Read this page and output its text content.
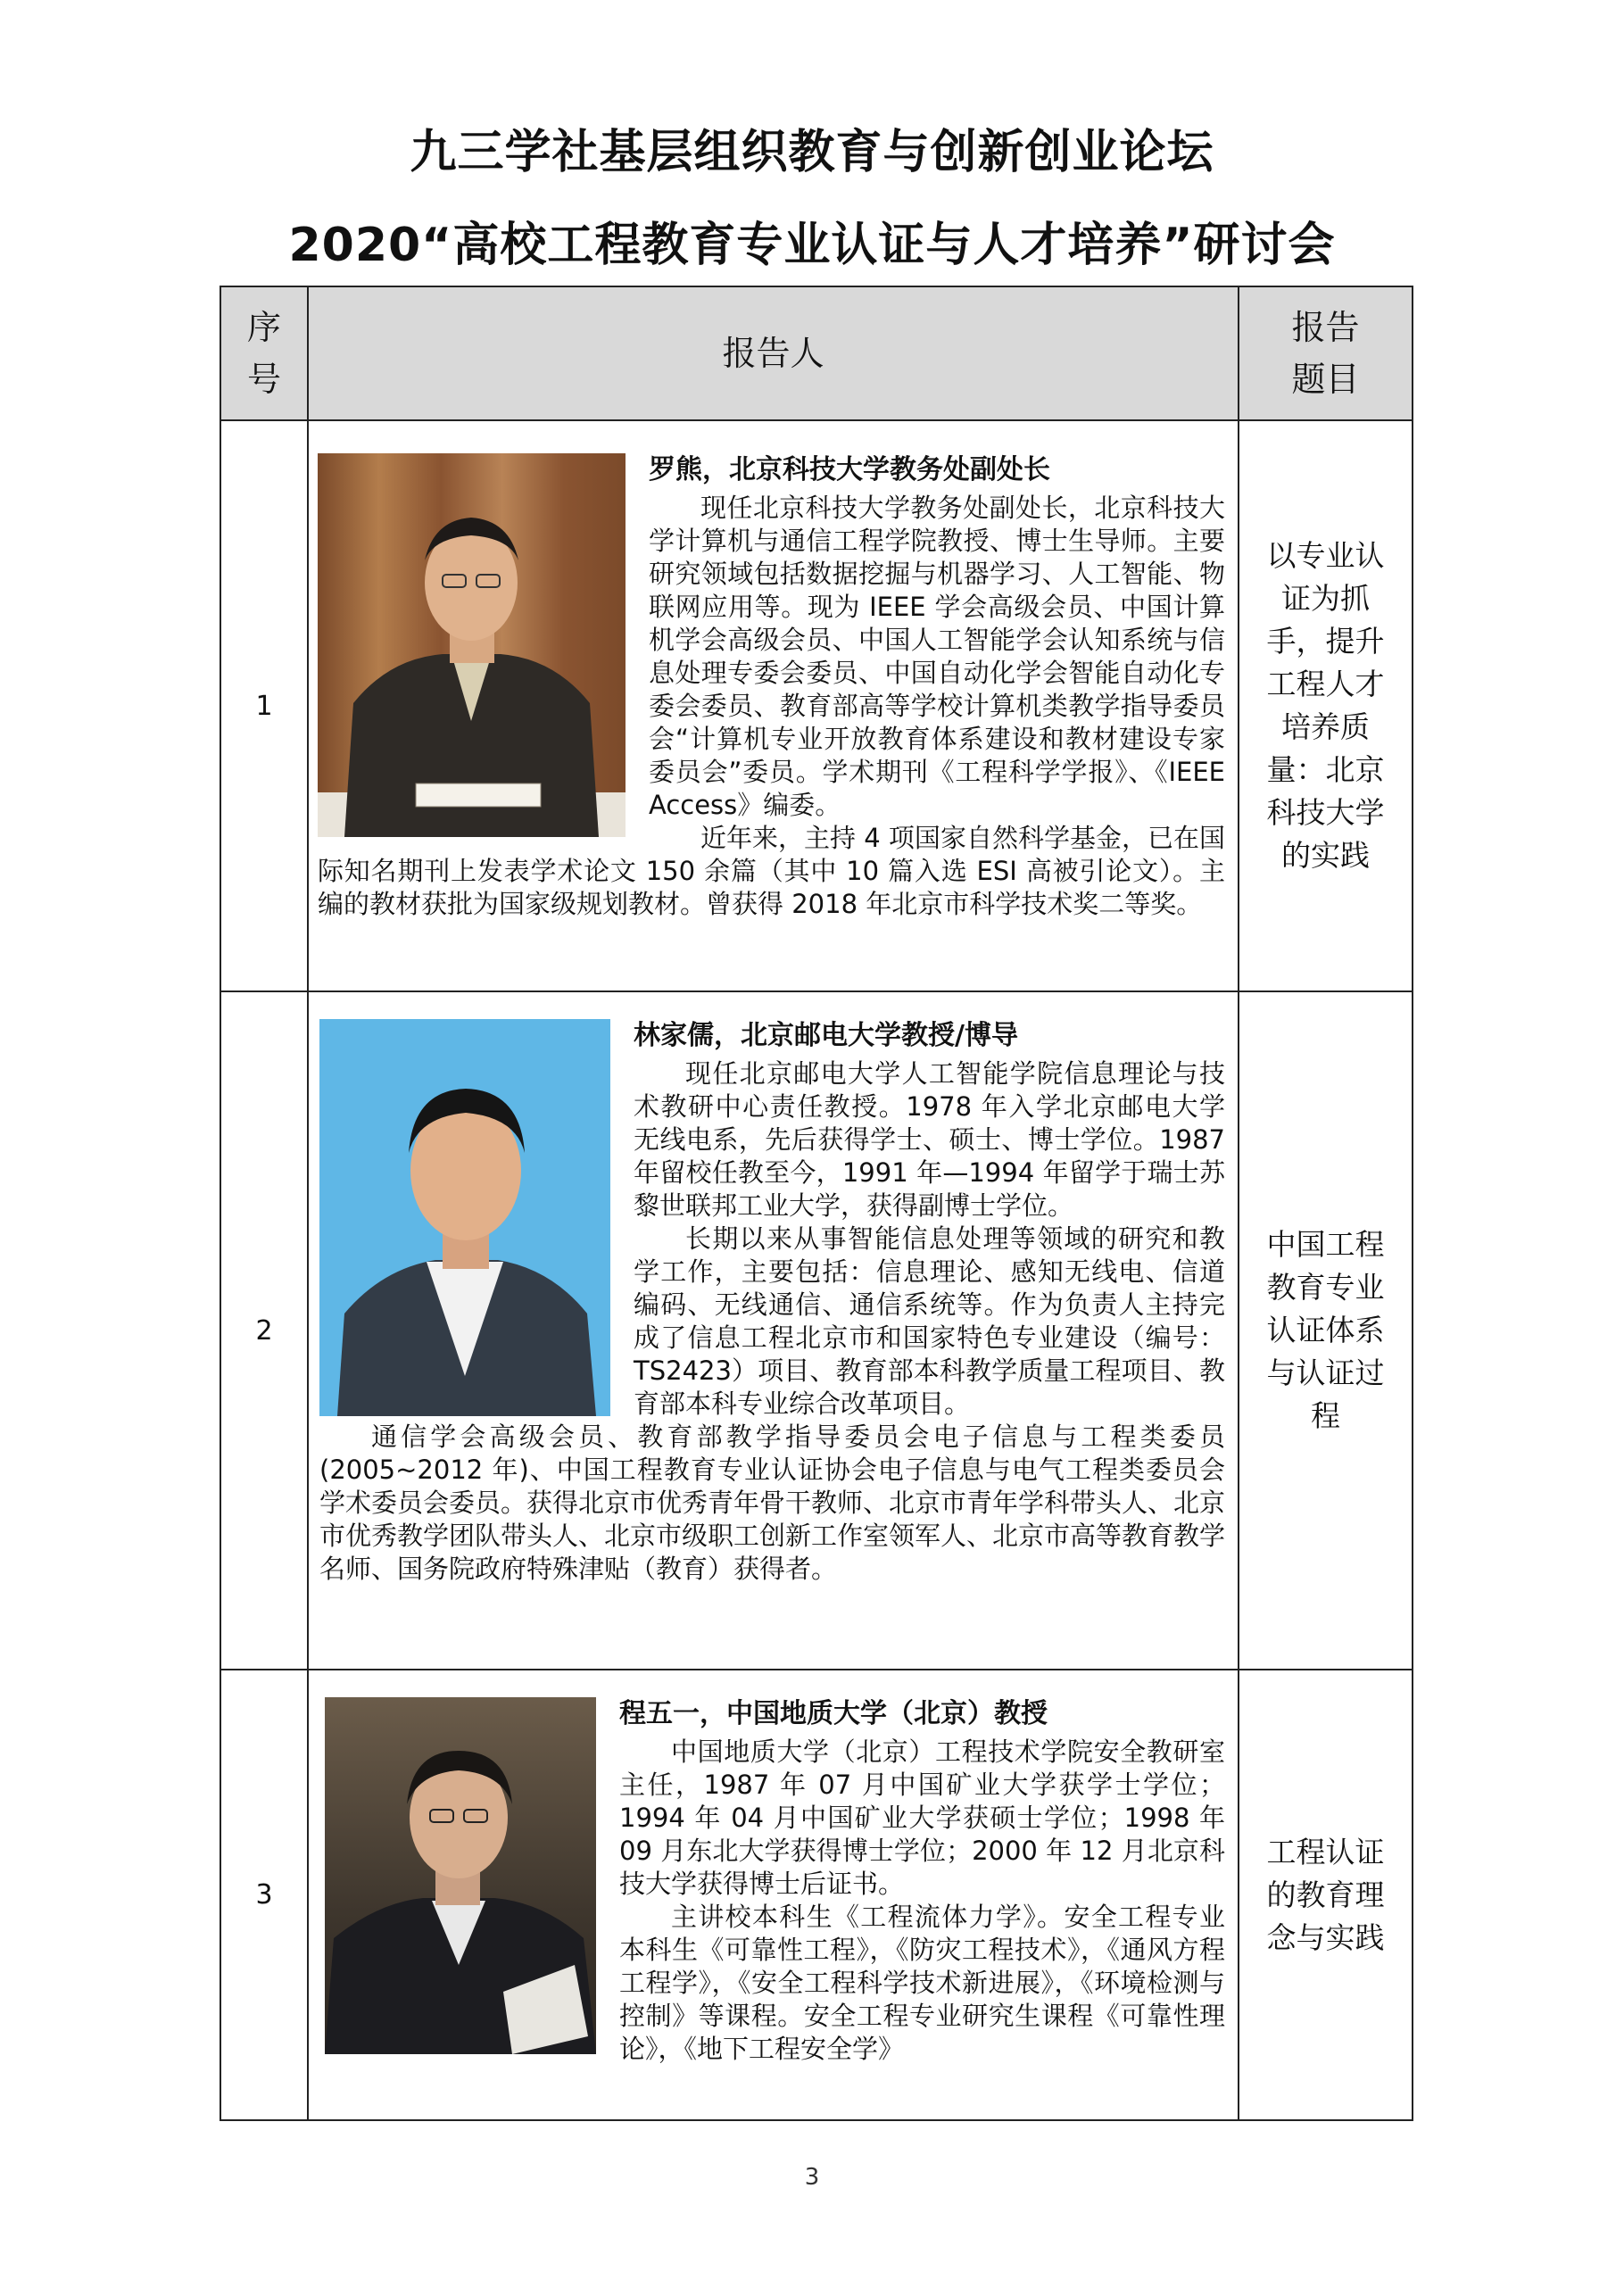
九三学社基层组织教育与创新创业论坛
2020“高校工程教育专业认证与人才培养”研讨会
序号	报告人	报告题目
1	罗熊，北京科技大学教务处副处长

现任北京科技大学教务处副处长，北京科技大学计算机与通信工程学院教授、博士生导师。主要研究领域包括数据挖掘与机器学习、人工智能、物联网应用等。现为 IEEE 学会高级会员、中国计算机学会高级会员、中国人工智能学会认知系统与信息处理专委会委员、中国自动化学会智能自动化专委会委员、教育部高等学校计算机类教学指导委员会“计算机专业开放教育体系建设和教材建设专家委员会”委员。学术期刊《工程科学学报》、《IEEE Access》编委。

近年来，主持 4 项国家自然科学基金，已在国际知名期刊上发表学术论文 150 余篇（其中 10 篇入选 ESI 高被引论文）。主编的教材获批为国家级规划教材。曾获得 2018 年北京市科学技术奖二等奖。	以专业认证为抓手，提升工程人才培养质量：北京科技大学的实践
2	林家儒，北京邮电大学教授/博导

现任北京邮电大学人工智能学院信息理论与技术教研中心责任教授。1978 年入学北京邮电大学无线电系，先后获得学士、硕士、博士学位。1987 年留校任教至今，1991 年—1994 年留学于瑞士苏黎世联邦工业大学，获得副博士学位。

长期以来从事智能信息处理等领域的研究和教学工作，主要包括：信息理论、感知无线电、信道编码、无线通信、通信系统等。作为负责人主持完成了信息工程北京市和国家特色专业建设（编号：TS2423）项目、教育部本科教学质量工程项目、教育部本科专业综合改革项目。

通信学会高级会员、教育部教学指导委员会电子信息与工程类委员(2005~2012 年)、中国工程教育专业认证协会电子信息与电气工程类委员会学术委员会委员。获得北京市优秀青年骨干教师、北京市青年学科带头人、北京市优秀教学团队带头人、北京市级职工创新工作室领军人、北京市高等教育教学名师、国务院政府特殊津贴（教育）获得者。	中国工程教育专业认证体系与认证过程
3	程五一，中国地质大学（北京）教授

中国地质大学（北京）工程技术学院安全教研室主任，1987 年 07 月中国矿业大学获学士学位；1994 年 04 月中国矿业大学获硕士学位；1998 年 09 月东北大学获得博士学位；2000 年 12 月北京科技大学获得博士后证书。

主讲校本科生《工程流体力学》。安全工程专业本科生《可靠性工程》，《防灾工程技术》，《通风方程工程学》，《安全工程科学技术新进展》，《环境检测与控制》等课程。安全工程专业研究生课程《可靠性理论》，《地下工程安全学》	工程认证的教育理念与实践
3
